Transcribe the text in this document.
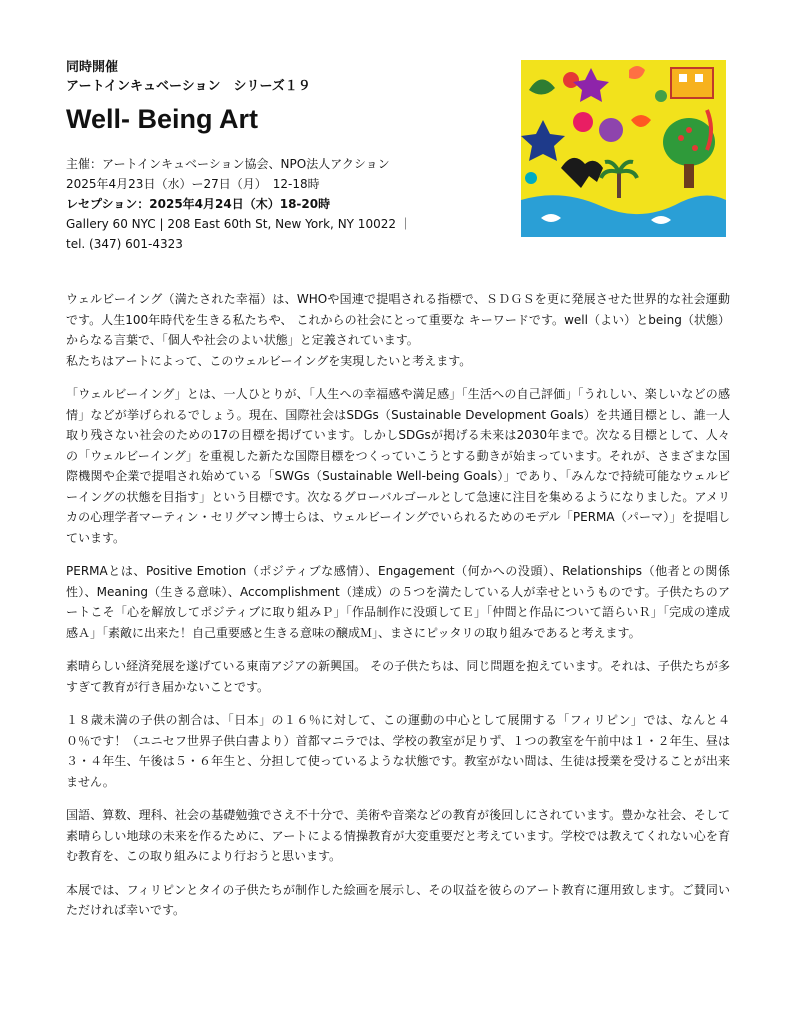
同時開催
アートインキュベーション　シリーズ１９
Well- Being Art
主催：アートインキュベーション協会、NPO法人アクション
2025年4月23日（水）ー27日（月）　12-18時
レセプション：2025年4月24日（木）18-20時
Gallery 60 NYC | 208 East 60th St, New York, NY 10022 ｜
tel. (347) 601-4323

ウェルビーイング（満たされた幸福）は、WHOや国連で提唱される指標で、ＳＤＧＳを更に発展させた世界的な社会運動です。人生100年時代を生きる私たちや、 これからの社会にとって重要な キーワードです。well（よい）とbeing（状態）からなる言葉で、「個人や社会のよい状態」と定義されています。
私たちはアートによって、このウェルビーイングを実現したいと考えます。

「ウェルビーイング」とは、一人ひとりが、「人生への幸福感や満足感」「生活への自己評価」「うれしい、楽しいなどの感情」などが挙げられるでしょう。現在、国際社会はSDGs（Sustainable Development Goals）を共通目標とし、誰一人取り残さない社会のための17の目標を掲げています。しかしSDGsが掲げる未来は2030年まで。次なる目標として、人々の「ウェルビーイング」を重視した新たな国際目標をつくっていこうとする動きが始まっています。それが、さまざまな国際機関や企業で提唱され始めている「SWGs（Sustainable Well-being Goals）」であり、「みんなで持続可能なウェルビーイングの状態を目指す」という目標です。次なるグローバルゴールとして急速に注目を集めるようになりました。アメリカの心理学者マーティン・セリグマン博士らは、ウェルビーイングでいられるためのモデル「PERMA（パーマ）」を提唱しています。

PERMAとは、Positive Emotion（ポジティブな感情）、Engagement（何かへの没頭）、Relationships（他者との関係性）、Meaning（生きる意味）、Accomplishment（達成）の５つを満たしている人が幸せというものです。子供たちのアートこそ「心を解放してポジティブに取り組みＰ」「作品制作に没頭してＥ」「仲間と作品について語らいＲ」「完成の達成感Ａ」「素敵に出来た！自己重要感と生きる意味の醸成Ｍ」、まさにピッタリの取り組みであると考えます。

素晴らしい経済発展を遂げている東南アジアの新興国。 その子供たちは、同じ問題を抱えています。それは、子供たちが多すぎて教育が行き届かないことです。

１８歳未満の子供の割合は、「日本」の１６％に対して、この運動の中心として展開する「フィリピン」では、なんと４０％です！（ユニセフ世界子供白書より）首都マニラでは、学校の教室が足りず、１つの教室を午前中は１・２年生、昼は３・４年生、午後は５・６年生と、分担して使っているような状態です。教室がない間は、生徒は授業を受けることが出来ません。

国語、算数、理科、社会の基礎勉強でさえ不十分で、美術や音楽などの教育が後回しにされています。豊かな社会、そして素晴らしい地球の未来を作るために、アートによる情操教育が大変重要だと考えています。学校では教えてくれない心を育む教育を、この取り組みにより行おうと思います。

本展では、フィリピンとタイの子供たちが制作した絵画を展示し、その収益を彼らのアート教育に運用致します。ご賛同いただければ幸いです。
